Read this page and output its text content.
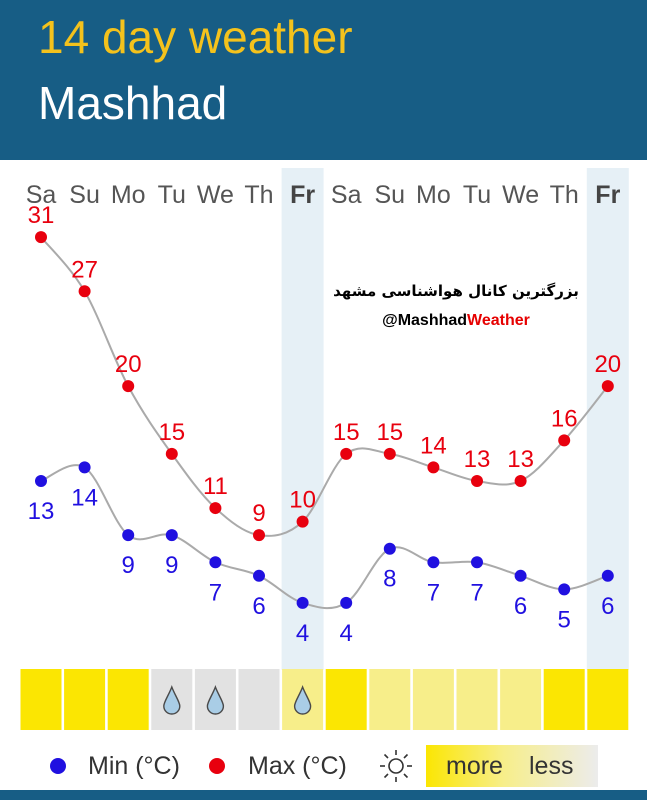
14 day weather
Mashhad
Sa Su Mo Tu We Th Fr Sa Su Mo Tu We Th Fr
31
27
20
15
11
9
10
15 15
14
13 13
16
20
13
14
9 9
7
6
4 4
8
7 7
6
5
6
بزرگترین کانال هواشناسی مشهد
@MashhadWeather
Min (°C)	Max (°C)	more less
